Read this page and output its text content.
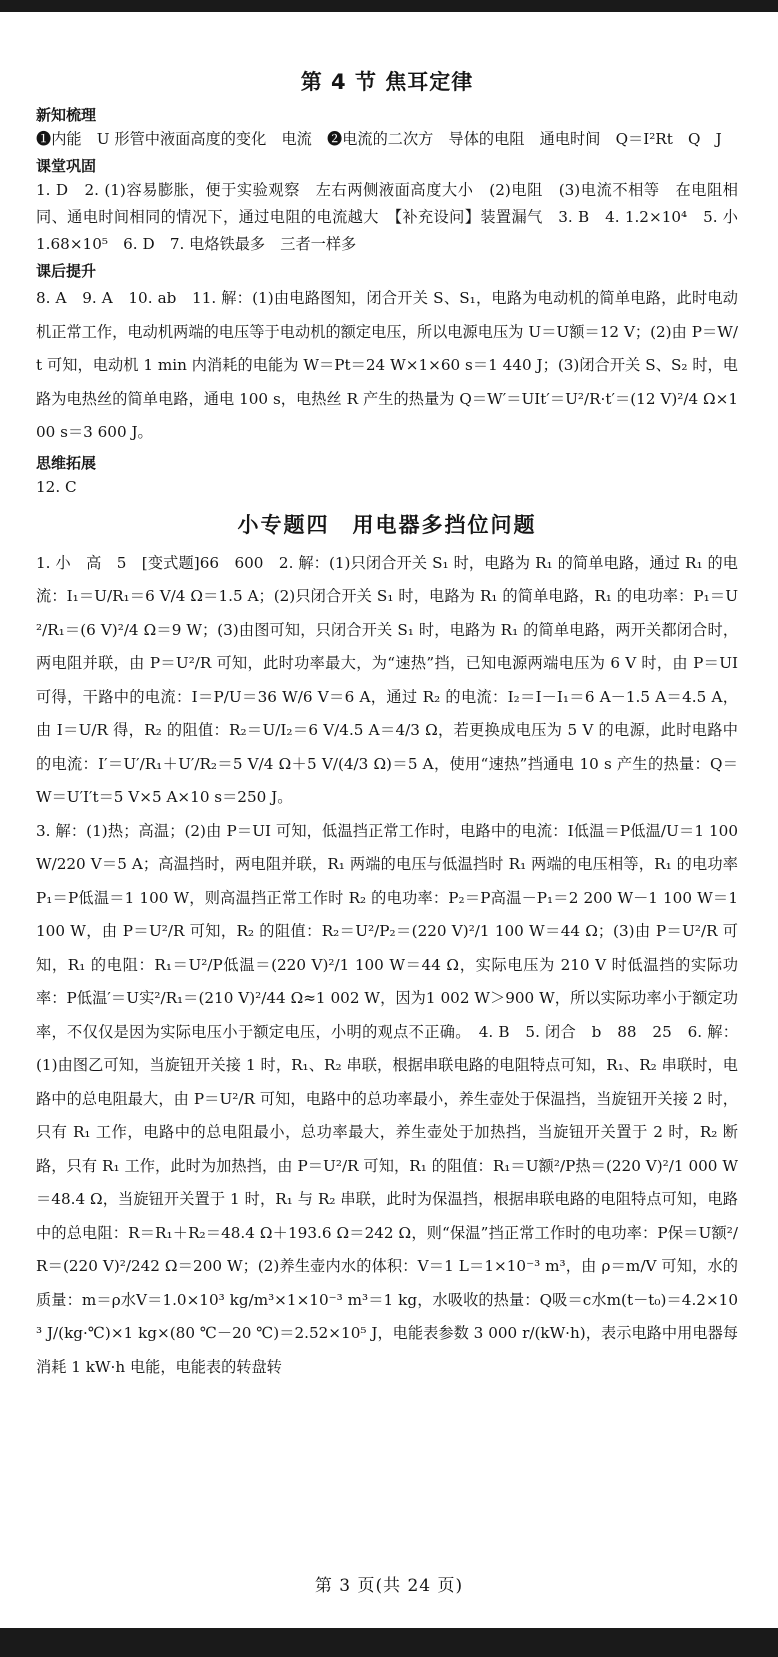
第 4 节 焦耳定律
新知梳理

❶内能　U 形管中液面高度的变化　电流　❷电流的二次方　导体的电阻　通电时间　Q＝I²Rt　Q　J

课堂巩固

1. D　2. (1)容易膨胀，便于实验观察　左右两侧液面高度大小　(2)电阻　(3)电流不相等　在电阻相同、通电时间相同的情况下，通过电阻的电流越大　【补充设问】装置漏气　3. B　4. 1.2×10⁴　5. 小　1.68×10⁵　6. D　7. 电烙铁最多　三者一样多

课后提升

8. A　9. A　10. ab　11. 解：(1)由电路图知，闭合开关 S、S₁，电路为电动机的简单电路，此时电动机正常工作，电动机两端的电压等于电动机的额定电压，所以电源电压为 U＝U额＝12 V；(2)由 P＝W/t 可知，电动机 1 min 内消耗的电能为 W＝Pt＝24 W×1×60 s＝1 440 J；(3)闭合开关 S、S₂ 时，电路为电热丝的简单电路，通电 100 s，电热丝 R 产生的热量为 Q＝W′＝UIt′＝U²/R·t′＝(12 V)²/4 Ω×100 s＝3 600 J。

思维拓展

12. C

小专题四　用电器多挡位问题

1. 小　高　5　[变式题]66　600　2. 解：(1)只闭合开关 S₁ 时，电路为 R₁ 的简单电路，通过 R₁ 的电流：I₁＝U/R₁＝6 V/4 Ω＝1.5 A；(2)只闭合开关 S₁ 时，电路为 R₁ 的简单电路，R₁ 的电功率：P₁＝U²/R₁＝(6 V)²/4 Ω＝9 W；(3)由图可知，只闭合开关 S₁ 时，电路为 R₁ 的简单电路，两开关都闭合时，两电阻并联，由 P＝U²/R 可知，此时功率最大，为“速热”挡，已知电源两端电压为 6 V 时，由 P＝UI 可得，干路中的电流：I＝P/U＝36 W/6 V＝6 A，通过 R₂ 的电流：I₂＝I－I₁＝6 A－1.5 A＝4.5 A，由 I＝U/R 得，R₂ 的阻值：R₂＝U/I₂＝6 V/4.5 A＝4/3 Ω，若更换成电压为 5 V 的电源，此时电路中的电流：I′＝U′/R₁＋U′/R₂＝5 V/4 Ω＋5 V/(4/3 Ω)＝5 A，使用“速热”挡通电 10 s 产生的热量：Q＝W＝U′I′t＝5 V×5 A×10 s＝250 J。

3. 解：(1)热；高温；(2)由 P＝UI 可知，低温挡正常工作时，电路中的电流：I低温＝P低温/U＝1 100 W/220 V＝5 A；高温挡时，两电阻并联，R₁ 两端的电压与低温挡时 R₁ 两端的电压相等，R₁ 的电功率 P₁＝P低温＝1 100 W，则高温挡正常工作时 R₂ 的电功率：P₂＝P高温－P₁＝2 200 W－1 100 W＝1 100 W，由 P＝U²/R 可知，R₂ 的阻值：R₂＝U²/P₂＝(220 V)²/1 100 W＝44 Ω；(3)由 P＝U²/R 可知，R₁ 的电阻：R₁＝U²/P低温＝(220 V)²/1 100 W＝44 Ω，实际电压为 210 V 时低温挡的实际功率：P低温′＝U实²/R₁＝(210 V)²/44 Ω≈1 002 W，因为1 002 W＞900 W，所以实际功率小于额定功率，不仅仅是因为实际电压小于额定电压，小明的观点不正确。　4. B　5. 闭合　b　88　25　6. 解：(1)由图乙可知，当旋钮开关接 1 时，R₁、R₂ 串联，根据串联电路的电阻特点可知，R₁、R₂ 串联时，电路中的总电阻最大，由 P＝U²/R 可知，电路中的总功率最小，养生壶处于保温挡，当旋钮开关接 2 时，只有 R₁ 工作，电路中的总电阻最小，总功率最大，养生壶处于加热挡，当旋钮开关置于 2 时，R₂ 断路，只有 R₁ 工作，此时为加热挡，由 P＝U²/R 可知，R₁ 的阻值：R₁＝U额²/P热＝(220 V)²/1 000 W＝48.4 Ω，当旋钮开关置于 1 时，R₁ 与 R₂ 串联，此时为保温挡，根据串联电路的电阻特点可知，电路中的总电阻：R＝R₁＋R₂＝48.4 Ω＋193.6 Ω＝242 Ω，则“保温”挡正常工作时的电功率：P保＝U额²/R＝(220 V)²/242 Ω＝200 W；(2)养生壶内水的体积：V＝1 L＝1×10⁻³ m³，由 ρ＝m/V 可知，水的质量：m＝ρ水V＝1.0×10³ kg/m³×1×10⁻³ m³＝1 kg，水吸收的热量：Q吸＝c水m(t－t₀)＝4.2×10³ J/(kg·℃)×1 kg×(80 ℃－20 ℃)＝2.52×10⁵ J，电能表参数 3 000 r/(kW·h)，表示电路中用电器每消耗 1 kW·h 电能，电能表的转盘转

第 3 页(共 24 页)
